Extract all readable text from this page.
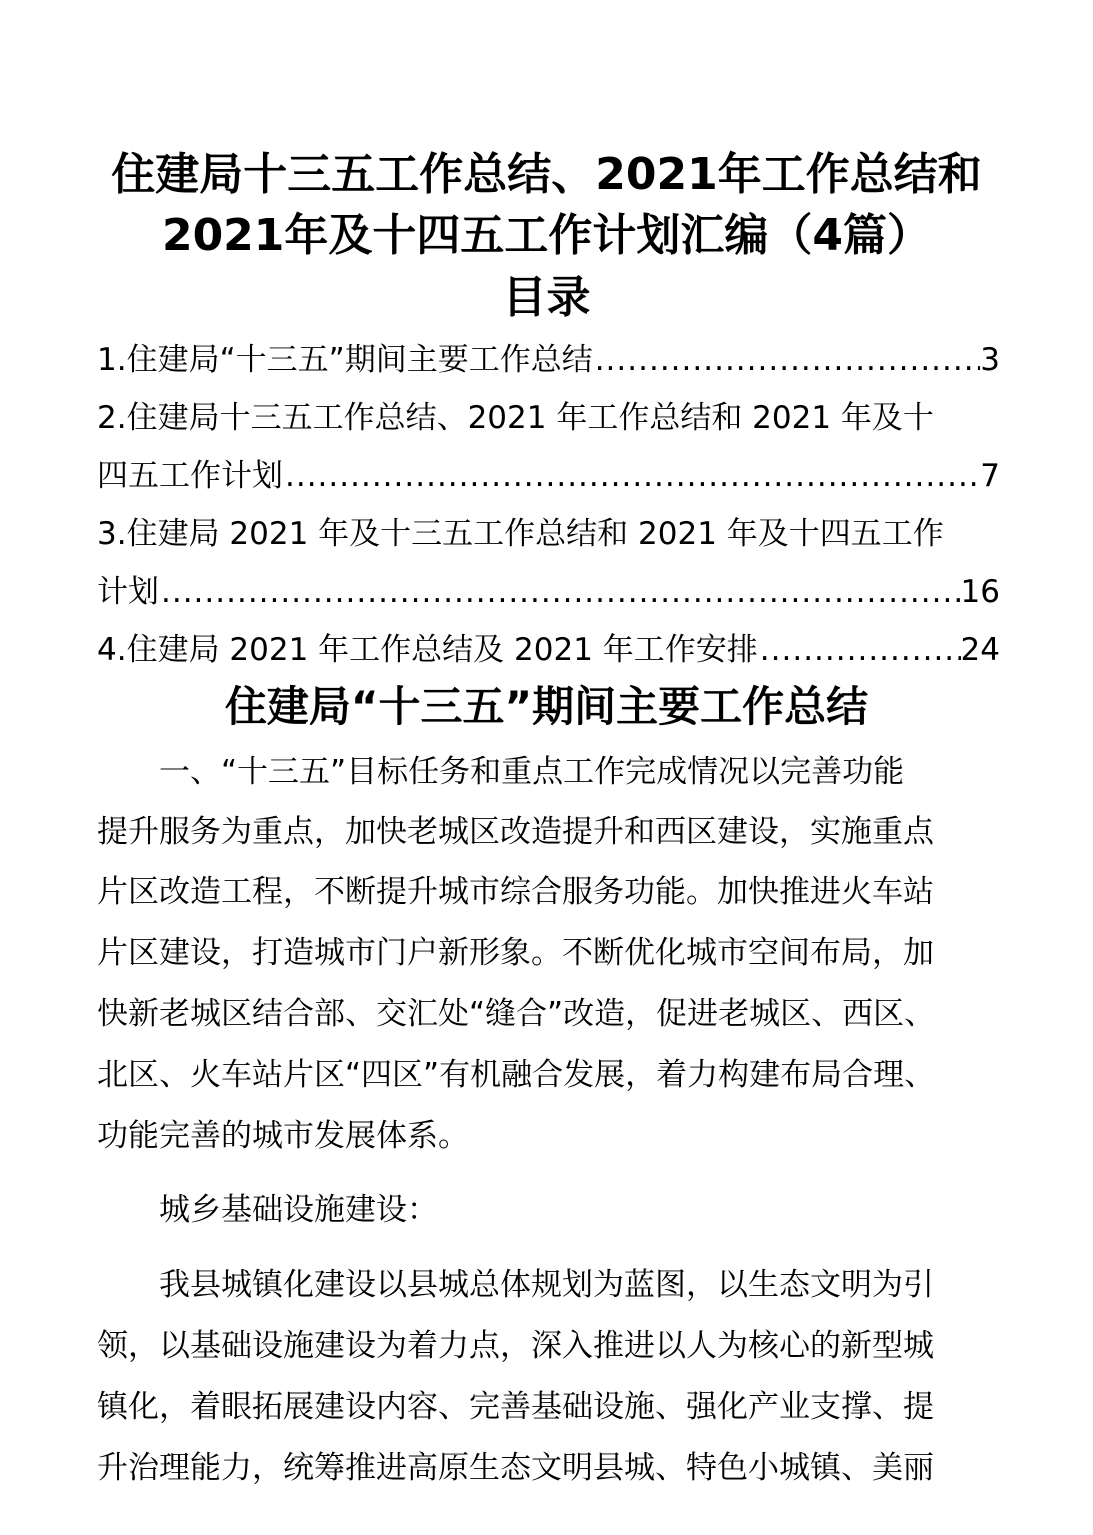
住建局十三五工作总结、2021年工作总结和
2021年及十四五工作计划汇编（4篇）
目录
1.住建局“十三五”期间主要工作总结 .....	3
2.住建局十三五工作总结、2021 年工作总结和 2021 年及十
四五工作计划 .....	7
3.住建局 2021 年及十三五工作总结和 2021 年及十四五工作
计划 .....	16
4.住建局 2021 年工作总结及 2021 年工作安排 .....	24
住建局“十三五”期间主要工作总结
　　一、“十三五”目标任务和重点工作完成情况以完善功能
提升服务为重点，加快老城区改造提升和西区建设，实施重点
片区改造工程，不断提升城市综合服务功能。加快推进火车站
片区建设，打造城市门户新形象。不断优化城市空间布局，加
快新老城区结合部、交汇处“缝合”改造，促进老城区、西区、
北区、火车站片区“四区”有机融合发展，着力构建布局合理、
功能完善的城市发展体系。
　　城乡基础设施建设：
　　我县城镇化建设以县城总体规划为蓝图，以生态文明为引
领，以基础设施建设为着力点，深入推进以人为核心的新型城
镇化，着眼拓展建设内容、完善基础设施、强化产业支撑、提
升治理能力，统筹推进高原生态文明县城、特色小城镇、美丽
